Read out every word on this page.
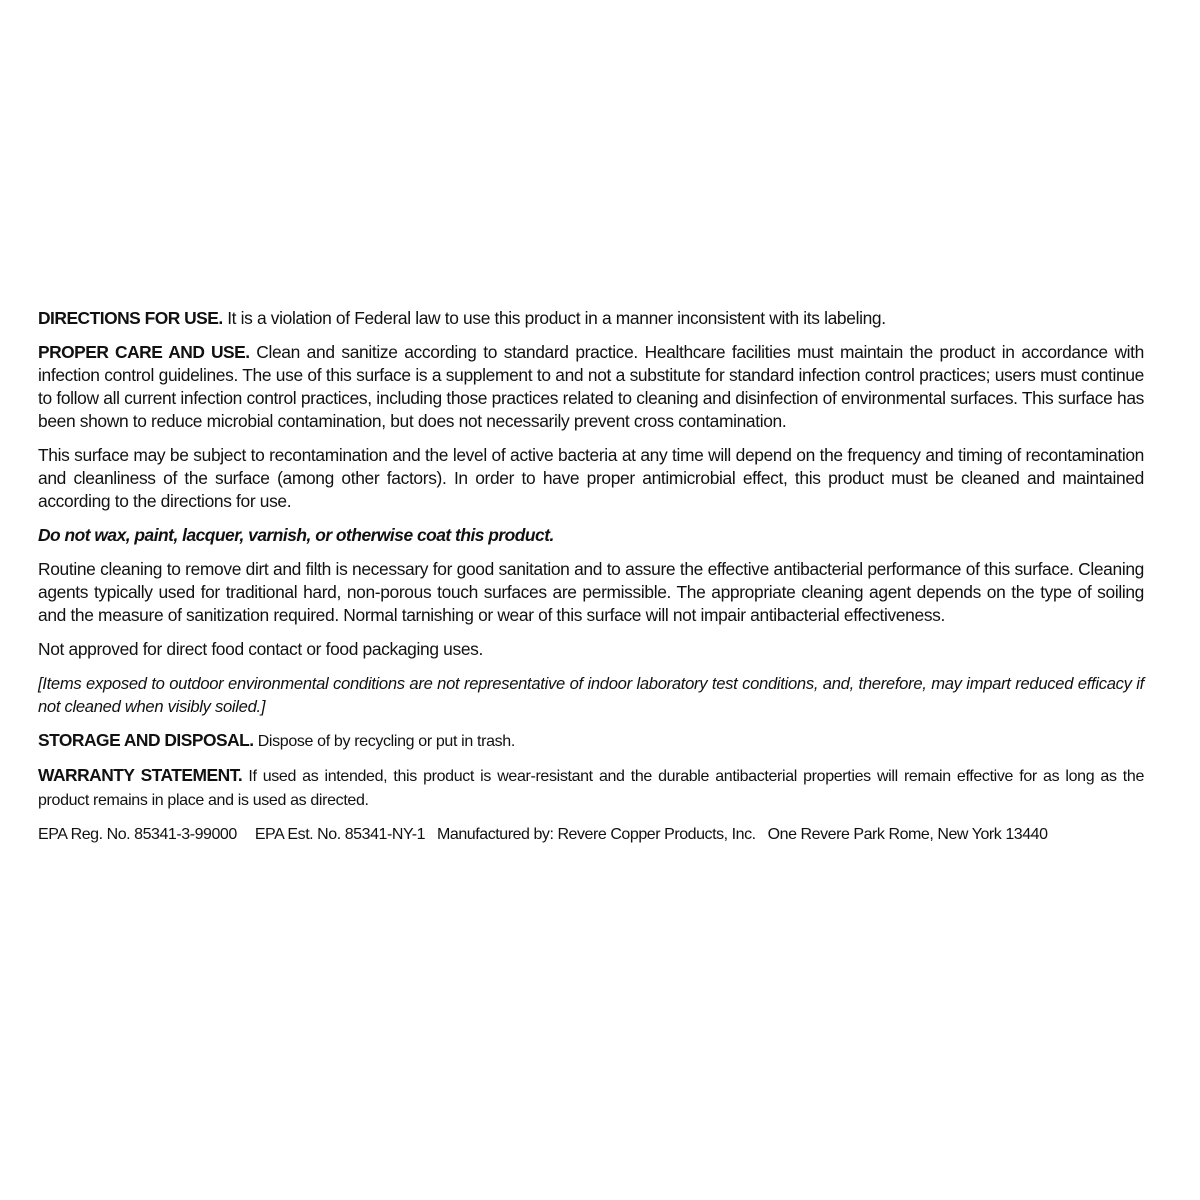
DIRECTIONS FOR USE. It is a violation of Federal law to use this product in a manner inconsistent with its labeling.

PROPER CARE AND USE. Clean and sanitize according to standard practice. Healthcare facilities must maintain the product in accordance with infection control guidelines. The use of this surface is a supplement to and not a substitute for standard infection control practices; users must continue to follow all current infection control practices, including those practices related to cleaning and disinfection of environmental surfaces. This surface has been shown to reduce microbial contamination, but does not necessarily prevent cross contamination.

This surface may be subject to recontamination and the level of active bacteria at any time will depend on the frequency and timing of recontamination and cleanliness of the surface (among other factors). In order to have proper antimicrobial effect, this product must be cleaned and maintained according to the directions for use.

Do not wax, paint, lacquer, varnish, or otherwise coat this product.

Routine cleaning to remove dirt and filth is necessary for good sanitation and to assure the effective antibacterial performance of this surface. Cleaning agents typically used for traditional hard, non-porous touch surfaces are permissible. The appropriate cleaning agent depends on the type of soiling and the measure of sanitization required. Normal tarnishing or wear of this surface will not impair antibacterial effectiveness.

Not approved for direct food contact or food packaging uses.

[Items exposed to outdoor environmental conditions are not representative of indoor laboratory test conditions, and, therefore, may impart reduced efficacy if not cleaned when visibly soiled.]

STORAGE AND DISPOSAL. Dispose of by recycling or put in trash.

WARRANTY STATEMENT. If used as intended, this product is wear-resistant and the durable antibacterial properties will remain effective for as long as the product remains in place and is used as directed.

EPA Reg. No. 85341-3-99000 EPA Est. No. 85341-NY-1 Manufactured by: Revere Copper Products, Inc. One Revere Park Rome, New York 13440
